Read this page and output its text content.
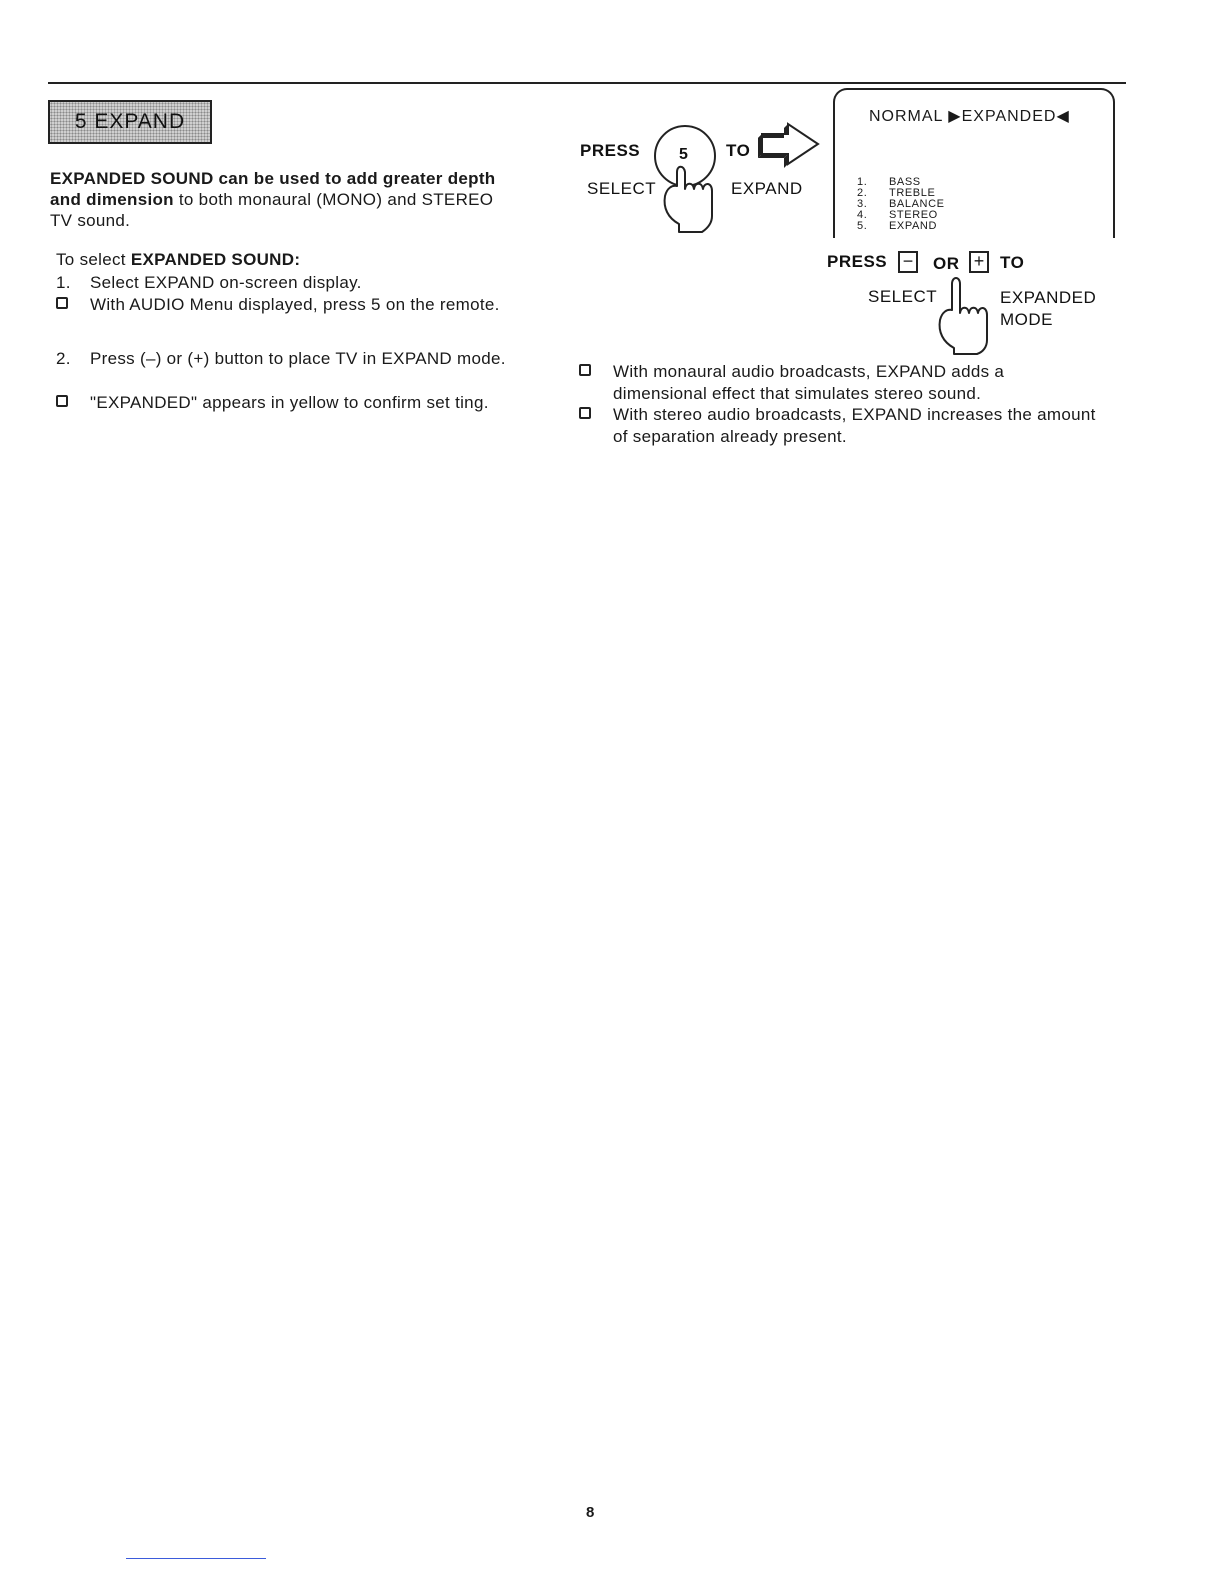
5 EXPAND
EXPANDED SOUND can be used to add greater depth and dimension to both monaural (MONO) and STEREO TV sound.
To select EXPANDED SOUND:
1.	Select EXPAND on-screen display.
With AUDIO Menu displayed, press 5 on the remote.
2.	Press (–) or (+) button to place TV in EXPAND mode.
"EXPANDED" appears in yellow to confirm set ting.
PRESS 5 TO
SELECT	EXPAND
NORMAL ▶EXPANDED◀
1. BASS
2. TREBLE
3. BALANCE
4. STEREO
5. EXPAND
PRESS − OR + TO
SELECT	EXPANDED
MODE
With monaural audio broadcasts, EXPAND adds a dimensional effect that simulates stereo sound.
With stereo audio broadcasts, EXPAND increases the amount of separation already present.
8
